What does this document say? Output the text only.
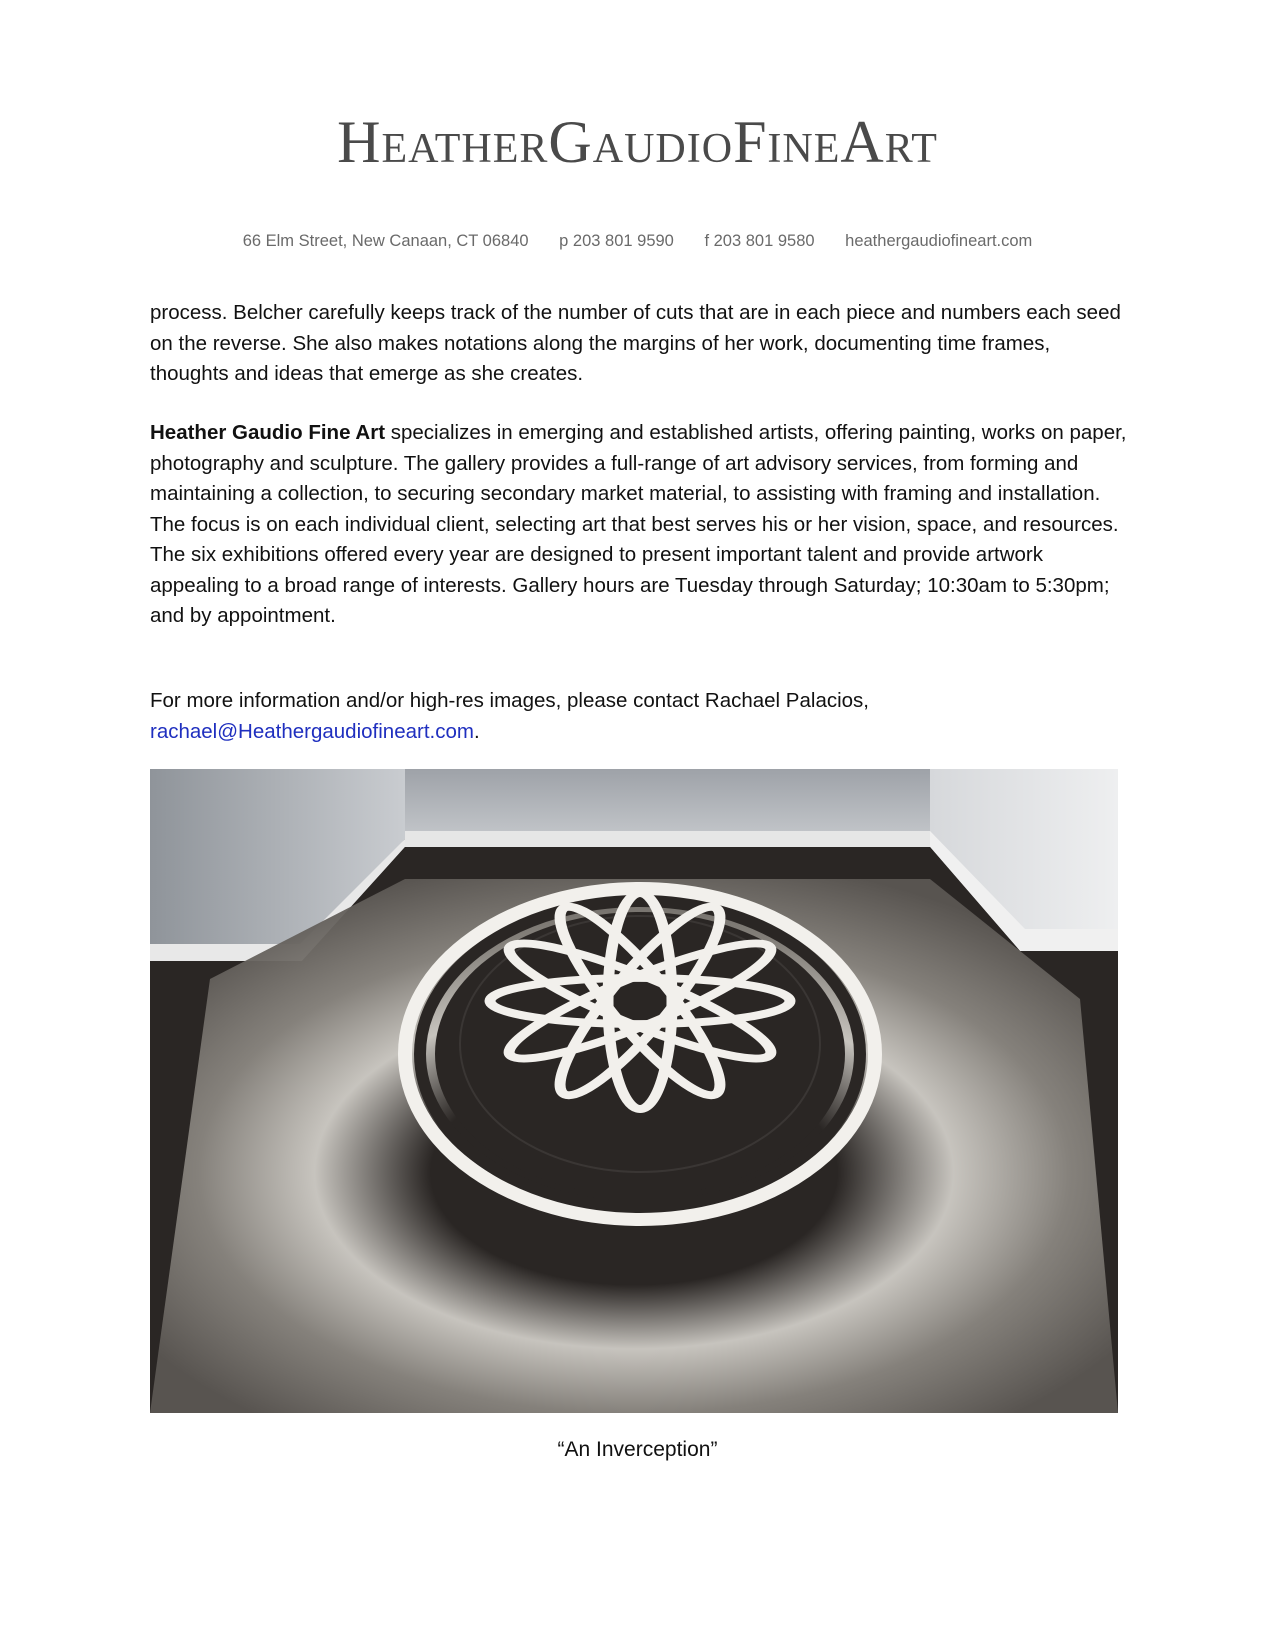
HeatherGaudioFineArt
66 Elm Street, New Canaan, CT 06840 p 203 801 9590 f 203 801 9580 heathergaudiofineart.com

process. Belcher carefully keeps track of the number of cuts that are in each piece and numbers each seed on the reverse. She also makes notations along the margins of her work, documenting time frames, thoughts and ideas that emerge as she creates.

Heather Gaudio Fine Art specializes in emerging and established artists, offering painting, works on paper, photography and sculpture. The gallery provides a full-range of art advisory services, from forming and maintaining a collection, to securing secondary market material, to assisting with framing and installation. The focus is on each individual client, selecting art that best serves his or her vision, space, and resources. The six exhibitions offered every year are designed to present important talent and provide artwork appealing to a broad range of interests. Gallery hours are Tuesday through Saturday; 10:30am to 5:30pm; and by appointment.

For more information and/or high-res images, please contact Rachael Palacios,
rachael@Heathergaudiofineart.com.

“An Inverception”
